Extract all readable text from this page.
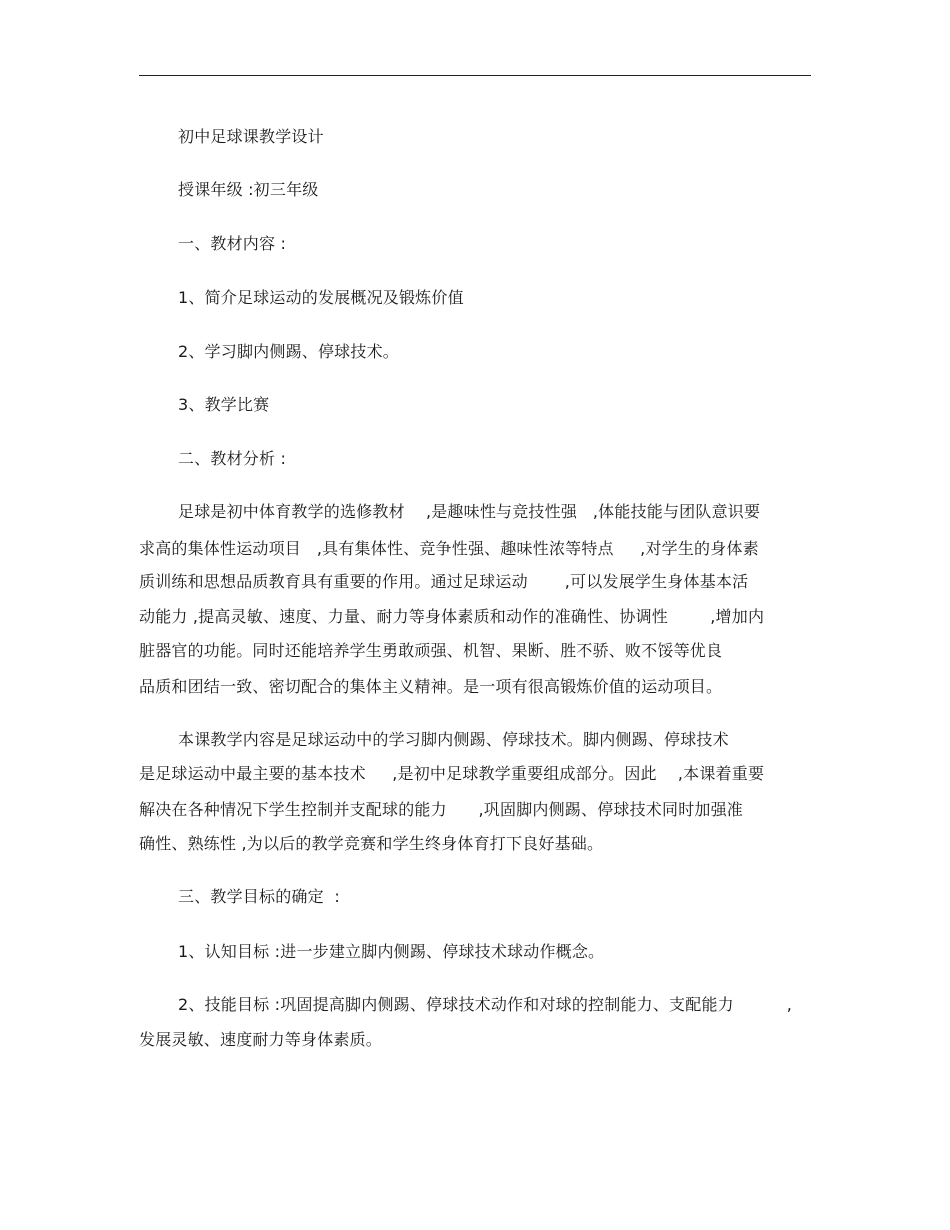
初中足球课教学设计
授课年级 :初三年级
一、教材内容 :
1、简介足球运动的发展概况及锻炼价值
2、学习脚内侧踢、停球技术。
3、教学比赛
二、教材分析 :
足球是初中体育教学的选修教材    ,是趣味性与竞技性强   ,体能技能与团队意识要
求高的集体性运动项目   ,具有集体性、竞争性强、趣味性浓等特点     ,对学生的身体素
质训练和思想品质教育具有重要的作用。通过足球运动       ,可以发展学生身体基本活
动能力 ,提高灵敏、速度、力量、耐力等身体素质和动作的准确性、协调性        ,增加内
脏器官的功能。同时还能培养学生勇敢顽强、机智、果断、胜不骄、败不馁等优良
品质和团结一致、密切配合的集体主义精神。是一项有很高锻炼价值的运动项目。
本课教学内容是足球运动中的学习脚内侧踢、停球技术。脚内侧踢、停球技术
是足球运动中最主要的基本技术     ,是初中足球教学重要组成部分。因此    ,本课着重要
解决在各种情况下学生控制并支配球的能力      ,巩固脚内侧踢、停球技术同时加强准
确性、熟练性 ,为以后的教学竞赛和学生终身体育打下良好基础。
三、教学目标的确定  :
1、认知目标 :进一步建立脚内侧踢、停球技术球动作概念。
2、技能目标 :巩固提高脚内侧踢、停球技术动作和对球的控制能力、支配能力          ,
发展灵敏、速度耐力等身体素质。
